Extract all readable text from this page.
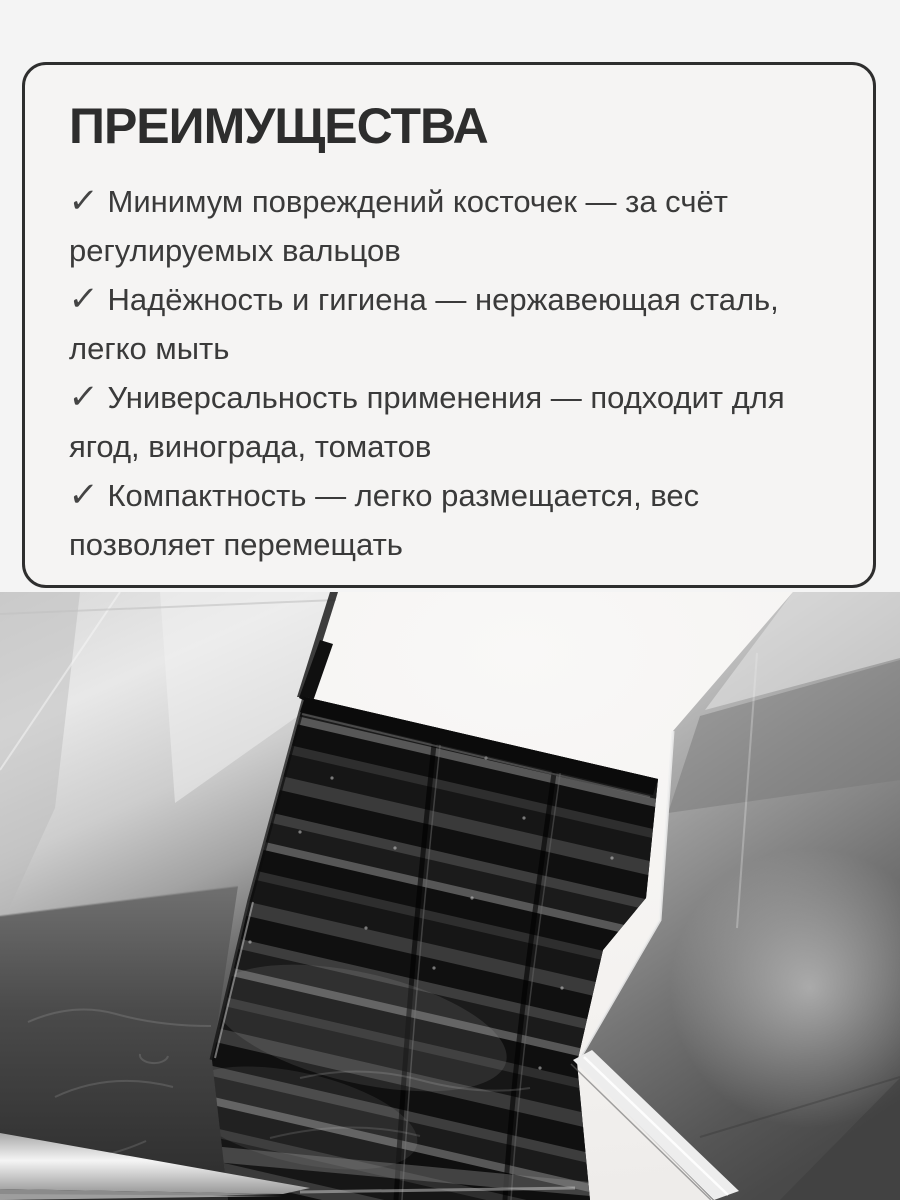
ПРЕИМУЩЕСТВА

✓ Минимум повреждений косточек — за счёт регулируемых вальцов

✓ Надёжность и гигиена — нержавеющая сталь, легко мыть

✓ Универсальность применения — подходит для ягод, винограда, томатов

✓ Компактность — легко размещается, вес позволяет перемещать
